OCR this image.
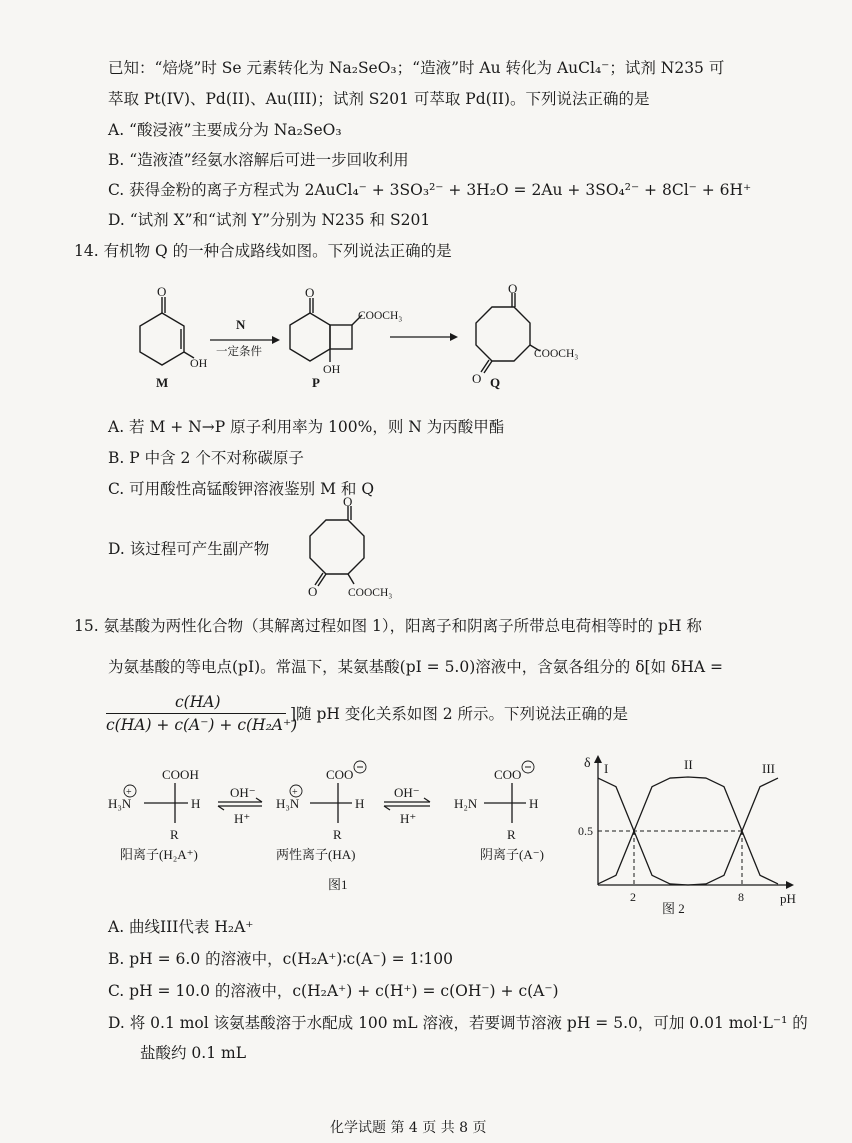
已知：“焙烧”时 Se 元素转化为 Na₂SeO₃；“造液”时 Au 转化为 AuCl₄⁻；试剂 N235 可
萃取 Pt(IV)、Pd(II)、Au(III)；试剂 S201 可萃取 Pd(II)。下列说法正确的是
A. “酸浸液”主要成分为 Na₂SeO₃
B. “造液渣”经氨水溶解后可进一步回收利用
C. 获得金粉的离子方程式为 2AuCl₄⁻ + 3SO₃²⁻ + 3H₂O = 2Au + 3SO₄²⁻ + 8Cl⁻ + 6H⁺
D. “试剂 X”和“试剂 Y”分别为 N235 和 S201
14. 有机物 Q 的一种合成路线如图。下列说法正确的是
O
OH
M
N
一定条件
O
COOCH₃
OH
P
O
O
COOCH₃
Q
A. 若 M + N→P 原子利用率为 100%，则 N 为丙酸甲酯
B. P 中含 2 个不对称碳原子
C. 可用酸性高锰酸钾溶液鉴别 M 和 Q
D. 该过程可产生副产物
O
O	COOCH₃
15. 氨基酸为两性化合物（其解离过程如图 1），阳离子和阴离子所带总电荷相等时的 pH 称
为氨基酸的等电点(pI)。常温下，某氨基酸(pI = 5.0)溶液中，含氨各组分的 δ[如 δHA =
c(HA)
c(HA) + c(A⁻) + c(H₂A⁺)
]随 pH 变化关系如图 2 所示。下列说法正确的是
COOH
H₃N
+
H
R
阳离子(H₂A⁺)
OH⁻
H⁺
COO
H₃N
+
H
R
两性离子(HA)
OH⁻
H⁺
COO
H₂N	H
R
阴离子(A⁻)
图1
δ
pH
0.5
2	8
I	II	III
图 2
A. 曲线III代表 H₂A⁺
B. pH = 6.0 的溶液中，c(H₂A⁺)∶c(A⁻) = 1∶100
C. pH = 10.0 的溶液中，c(H₂A⁺) + c(H⁺) = c(OH⁻) + c(A⁻)
D. 将 0.1 mol 该氨基酸溶于水配成 100 mL 溶液，若要调节溶液 pH = 5.0，可加 0.01 mol·L⁻¹ 的
盐酸约 0.1 mL
化学试题 第 4 页 共 8 页
